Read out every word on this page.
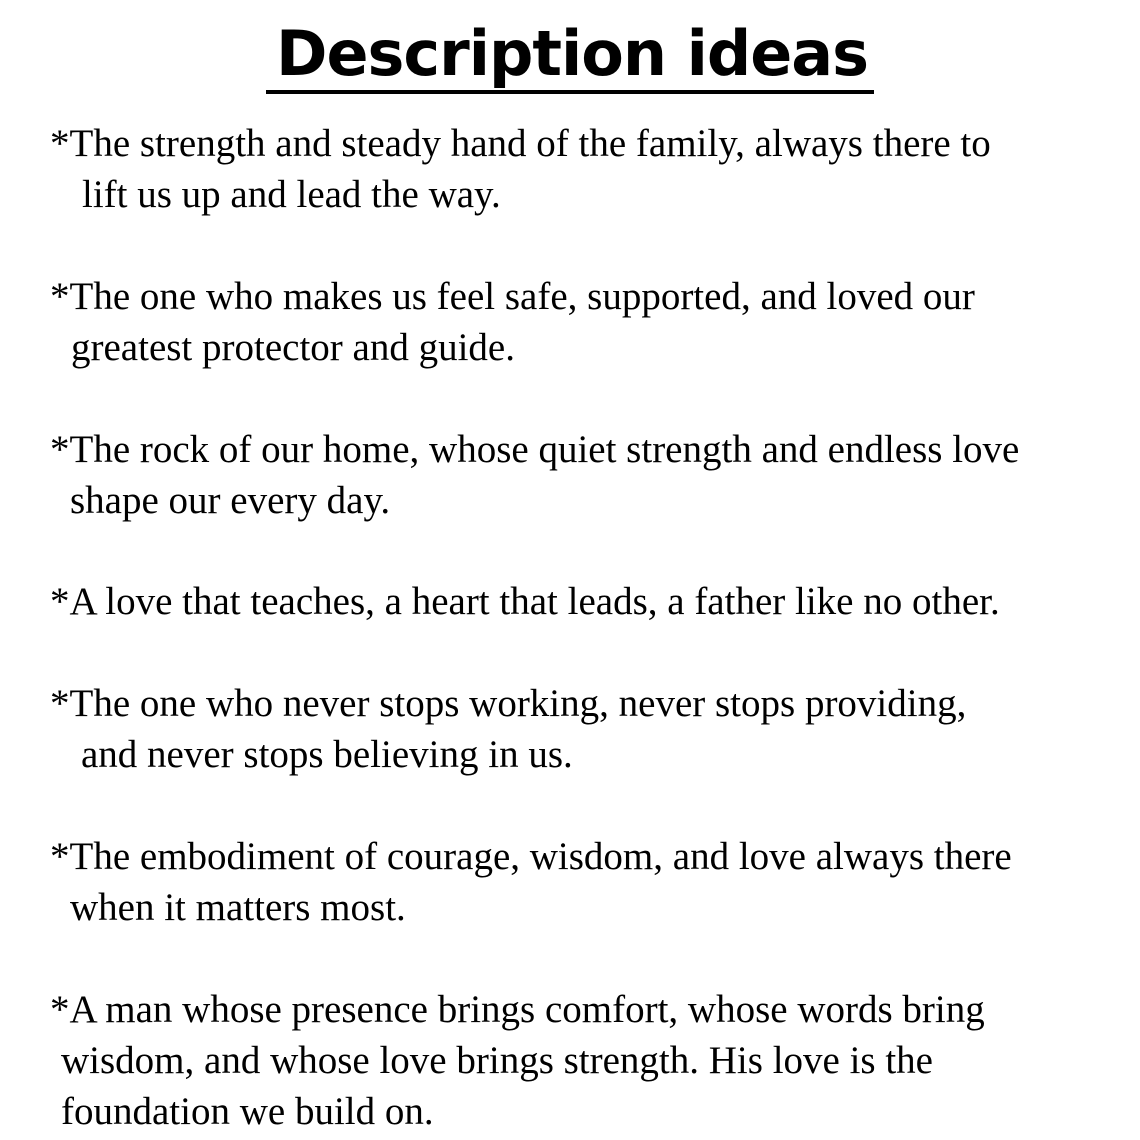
Description ideas
*The strength and steady hand of the family, always there to
lift us up and lead the way.
*The one who makes us feel safe, supported, and loved our
greatest protector and guide.
*The rock of our home, whose quiet strength and endless love
shape our every day.
*A love that teaches, a heart that leads, a father like no other.
*The one who never stops working, never stops providing,
and never stops believing in us.
*The embodiment of courage, wisdom, and love always there
when it matters most.
*A man whose presence brings comfort, whose words bring
wisdom, and whose love brings strength. His love is the
foundation we build on.
